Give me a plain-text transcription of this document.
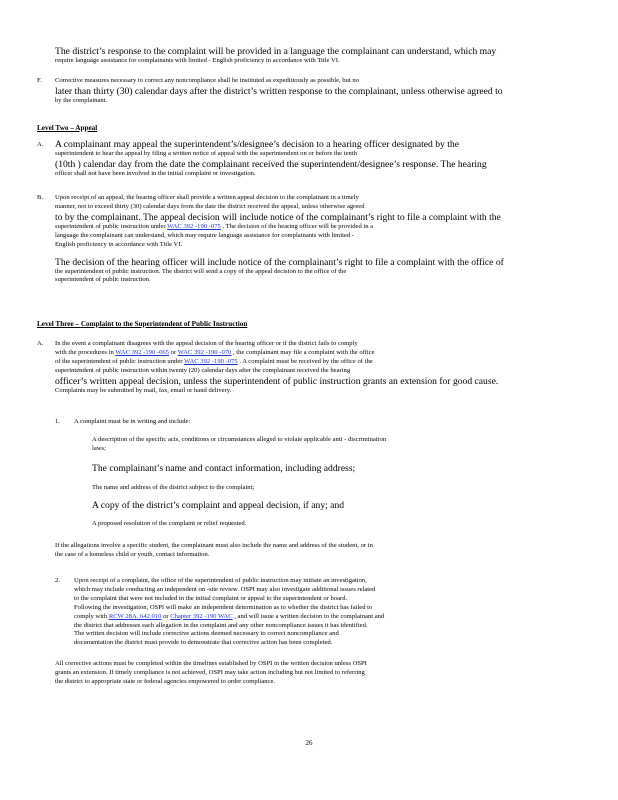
The district’s response to the complaint will be provided in a language the complainant can understand, which may
require language assistance for complainants with limited - English proficiency in accordance with Title VI.
F. Corrective measures necessary to correct any noncompliance shall be instituted as expeditiously as possible, but no
later than thirty (30) calendar days after the district’s written response to the complainant, unless otherwise agreed to
by the complainant.
Level Two – Appeal
A. A complainant may appeal the superintendent’s/designee’s decision to a hearing officer designated by the
superintendent to hear the appeal by filing a written notice of appeal with the superintendent on or before the tenth
(10th ) calendar day from the date the complainant received the superintendent/designee’s response. The hearing
officer shall not have been involved in the initial complaint or investigation.
B. Upon receipt of an appeal, the hearing officer shall provide a written appeal decision to the complainant in a timely
manner, not to exceed thirty (30) calendar days from the date the district received the appeal, unless otherwise agreed
to by the complainant. The appeal decision will include notice of the complainant’s right to file a complaint with the
superintendent of public instruction under WAC 392 -190 -075 . The decision of the hearing officer will be provided in a
language the complainant can understand, which may require language assistance for complainants with limited -
English proficiency in accordance with Title VI.
The decision of the hearing officer will include notice of the complainant’s right to file a complaint with the office of
the superintendent of public instruction. The district will send a copy of the appeal decision to the office of the
superintendent of public instruction.
Level Three – Complaint to the Superintendent of Public Instruction
A. In the event a complainant disagrees with the appeal decision of the hearing officer or if the district fails to comply
with the procedures in WAC 392 -190 -065 or WAC 392 -190 -070 , the complainant may file a complaint with the office
of the superintendent of public instruction under WAC 392 -190 -075 . A complaint must be received by the office of the
superintendent of public instruction within twenty (20) calendar days after the complainant received the hearing
officer’s written appeal decision, unless the superintendent of public instruction grants an extension for good cause.
Complaints may be submitted by mail, fax, email or hand delivery.
1. A complaint must be in writing and include:
A description of the specific acts, conditions or circumstances alleged to violate applicable anti - discrimination
laws;
The complainant’s name and contact information, including address;
The name and address of the district subject to the complaint;
A copy of the district’s complaint and appeal decision, if any; and
A proposed resolution of the complaint or relief requested.
If the allegations involve a specific student, the complainant must also include the name and address of the student, or in
the case of a homeless child or youth, contact information.
2. Upon receipt of a complaint, the office of the superintendent of public instruction may initiate an investigation,
which may include conducting an independent on -site review. OSPI may also investigate additional issues related
to the complaint that were not included in the initial complaint or appeal to the superintendent or board.
Following the investigation, OSPI will make an independent determination as to whether the district has failed to
comply with RCW 28A. 642.010 or Chapter 392 -190 WAC , and will issue a written decision to the complainant and
the district that addresses each allegation in the complaint and any other noncompliance issues it has identified.
The written decision will include corrective actions deemed necessary to correct noncompliance and
documentation the district must provide to demonstrate that corrective action has been completed.
All corrective actions must be completed within the timelines established by OSPI in the written decision unless OSPI
grants an extension. If timely compliance is not achieved, OSPI may take action including but not limited to referring
the district to appropriate state or federal agencies empowered to order compliance.
26
